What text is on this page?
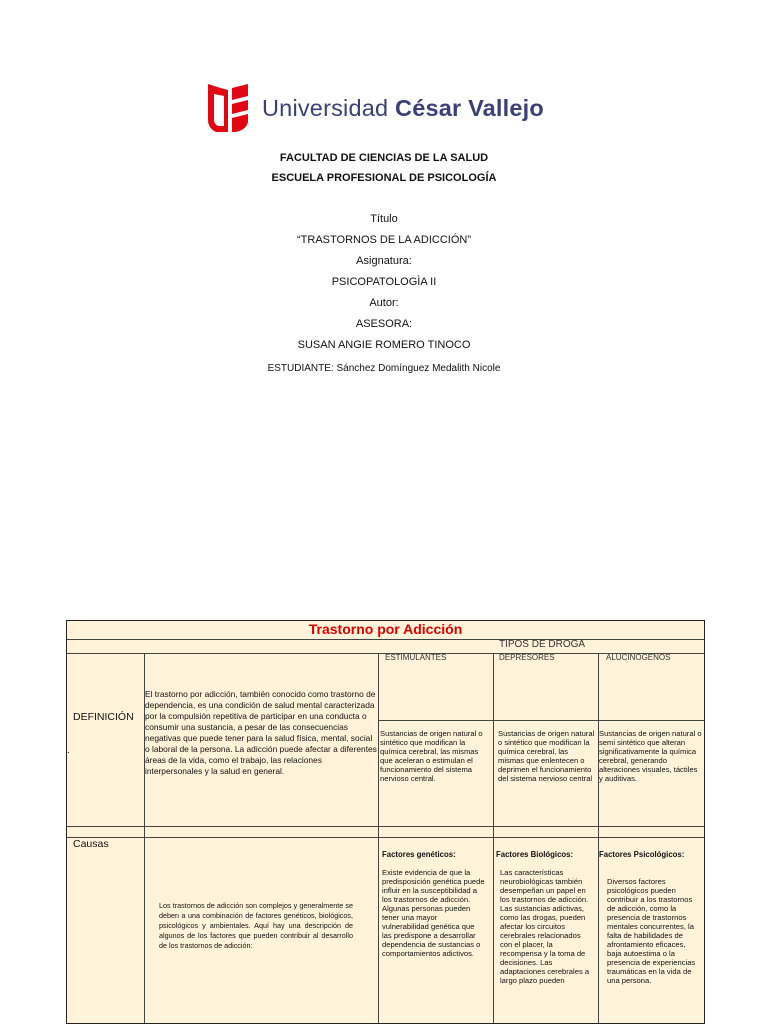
Universidad César Vallejo
FACULTAD DE CIENCIAS DE LA SALUD
ESCUELA PROFESIONAL DE PSICOLOGÍA
Título
“TRASTORNOS DE LA ADICCIÓN”
Asignatura:
PSICOPATOLOGÌA II
Autor:
ASESORA:
SUSAN ANGIE ROMERO TINOCO
ESTUDIANTE: Sánchez Domínguez Medalith Nicole
Trastorno por Adicción
TIPOS DE DROGA
ESTIMULANTES	DEPRESORES	ALUCINOGENOS
DEFINICIÓN
.
El trastorno por adicción, también conocido como trastorno de dependencia, es una condición de salud mental caracterizada por la compulsión repetitiva de participar en una conducta o consumir una sustancia, a pesar de las consecuencias negativas que puede tener para la salud física, mental, social o laboral de la persona. La adicción puede afectar a diferentes áreas de la vida, como el trabajo, las relaciones interpersonales y la salud en general.
Sustancias de origen natural o sintético que modifican la química cerebral, las mismas que aceleran o estimulan el funcionamiento del sistema nervioso central.
Sustancias de origen natural o sintético que modifican la química cerebral, las mismas que enlentecen o deprimen el funcionamiento del sistema nervioso central
Sustancias de origen natural o semi sintético que alteran significativamente la química cerebral, generando alteraciones visuales, táctiles y auditivas.
Causas
Los trastornos de adicción son complejos y generalmente se deben a una combinación de factores genéticos, biológicos, psicológicos y ambientales. Aquí hay una descripción de algunos de los factores que pueden contribuir al desarrollo de los trastornos de adicción:
Factores genéticos:
Existe evidencia de que la predisposición genética puede influir en la susceptibilidad a los trastornos de adicción. Algunas personas pueden tener una mayor vulnerabilidad genética que las predispone a desarrollar dependencia de sustancias o comportamientos adictivos.
Factores Biológicos:
Las características neurobiológicas también desempeñan un papel en los trastornos de adicción. Las sustancias adictivas, como las drogas, pueden afectar los circuitos cerebrales relacionados con el placer, la recompensa y la toma de decisiones. Las adaptaciones cerebrales a largo plazo pueden
Factores Psicológicos:
Diversos factores psicológicos pueden contribuir a los trastornos de adicción, como la presencia de trastornos mentales concurrentes, la falta de habilidades de afrontamiento eficaces, baja autoestima o la presencia de experiencias traumáticas en la vida de una persona.
